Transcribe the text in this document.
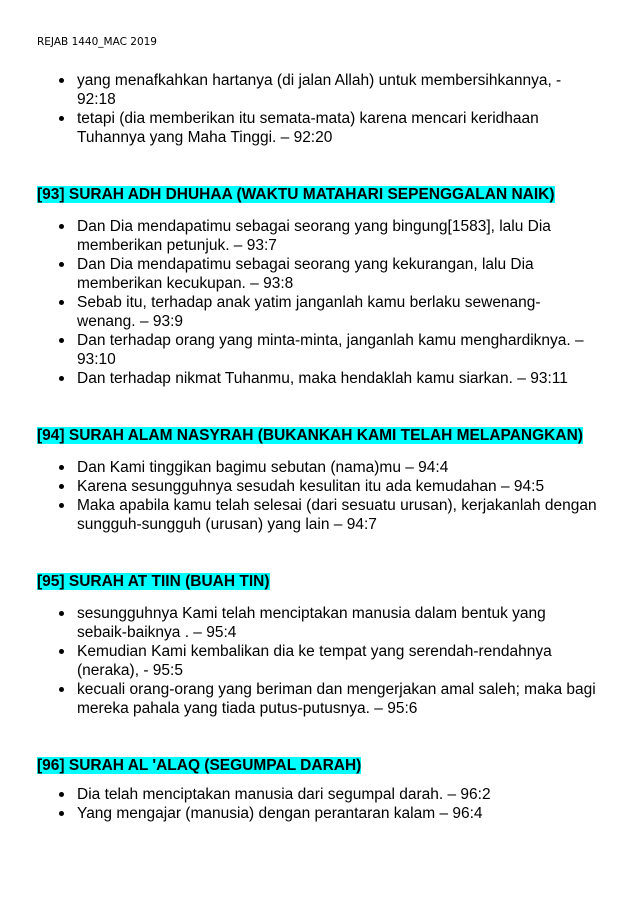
REJAB 1440_MAC 2019
yang menafkahkan hartanya (di jalan Allah) untuk membersihkannya, - 92:18
tetapi (dia memberikan itu semata-mata) karena mencari keridhaan Tuhannya yang Maha Tinggi. – 92:20
[93] SURAH ADH DHUHAA (WAKTU MATAHARI SEPENGGALAN NAIK)
Dan Dia mendapatimu sebagai seorang yang bingung[1583], lalu Dia memberikan petunjuk. – 93:7
Dan Dia mendapatimu sebagai seorang yang kekurangan, lalu Dia memberikan kecukupan. – 93:8
Sebab itu, terhadap anak yatim janganlah kamu berlaku sewenang-wenang. – 93:9
Dan terhadap orang yang minta-minta, janganlah kamu menghardiknya. – 93:10
Dan terhadap nikmat Tuhanmu, maka hendaklah kamu siarkan. – 93:11
[94] SURAH ALAM NASYRAH (BUKANKAH KAMI TELAH MELAPANGKAN)
Dan Kami tinggikan bagimu sebutan (nama)mu – 94:4
Karena sesungguhnya sesudah kesulitan itu ada kemudahan – 94:5
Maka apabila kamu telah selesai (dari sesuatu urusan), kerjakanlah dengan sungguh-sungguh (urusan) yang lain – 94:7
[95] SURAH AT TIIN (BUAH TIN)
sesungguhnya Kami telah menciptakan manusia dalam bentuk yang sebaik-baiknya . – 95:4
Kemudian Kami kembalikan dia ke tempat yang serendah-rendahnya (neraka), - 95:5
kecuali orang-orang yang beriman dan mengerjakan amal saleh; maka bagi mereka pahala yang tiada putus-putusnya. – 95:6
[96] SURAH AL 'ALAQ (SEGUMPAL DARAH)
Dia telah menciptakan manusia dari segumpal darah. – 96:2
Yang mengajar (manusia) dengan perantaran kalam – 96:4
